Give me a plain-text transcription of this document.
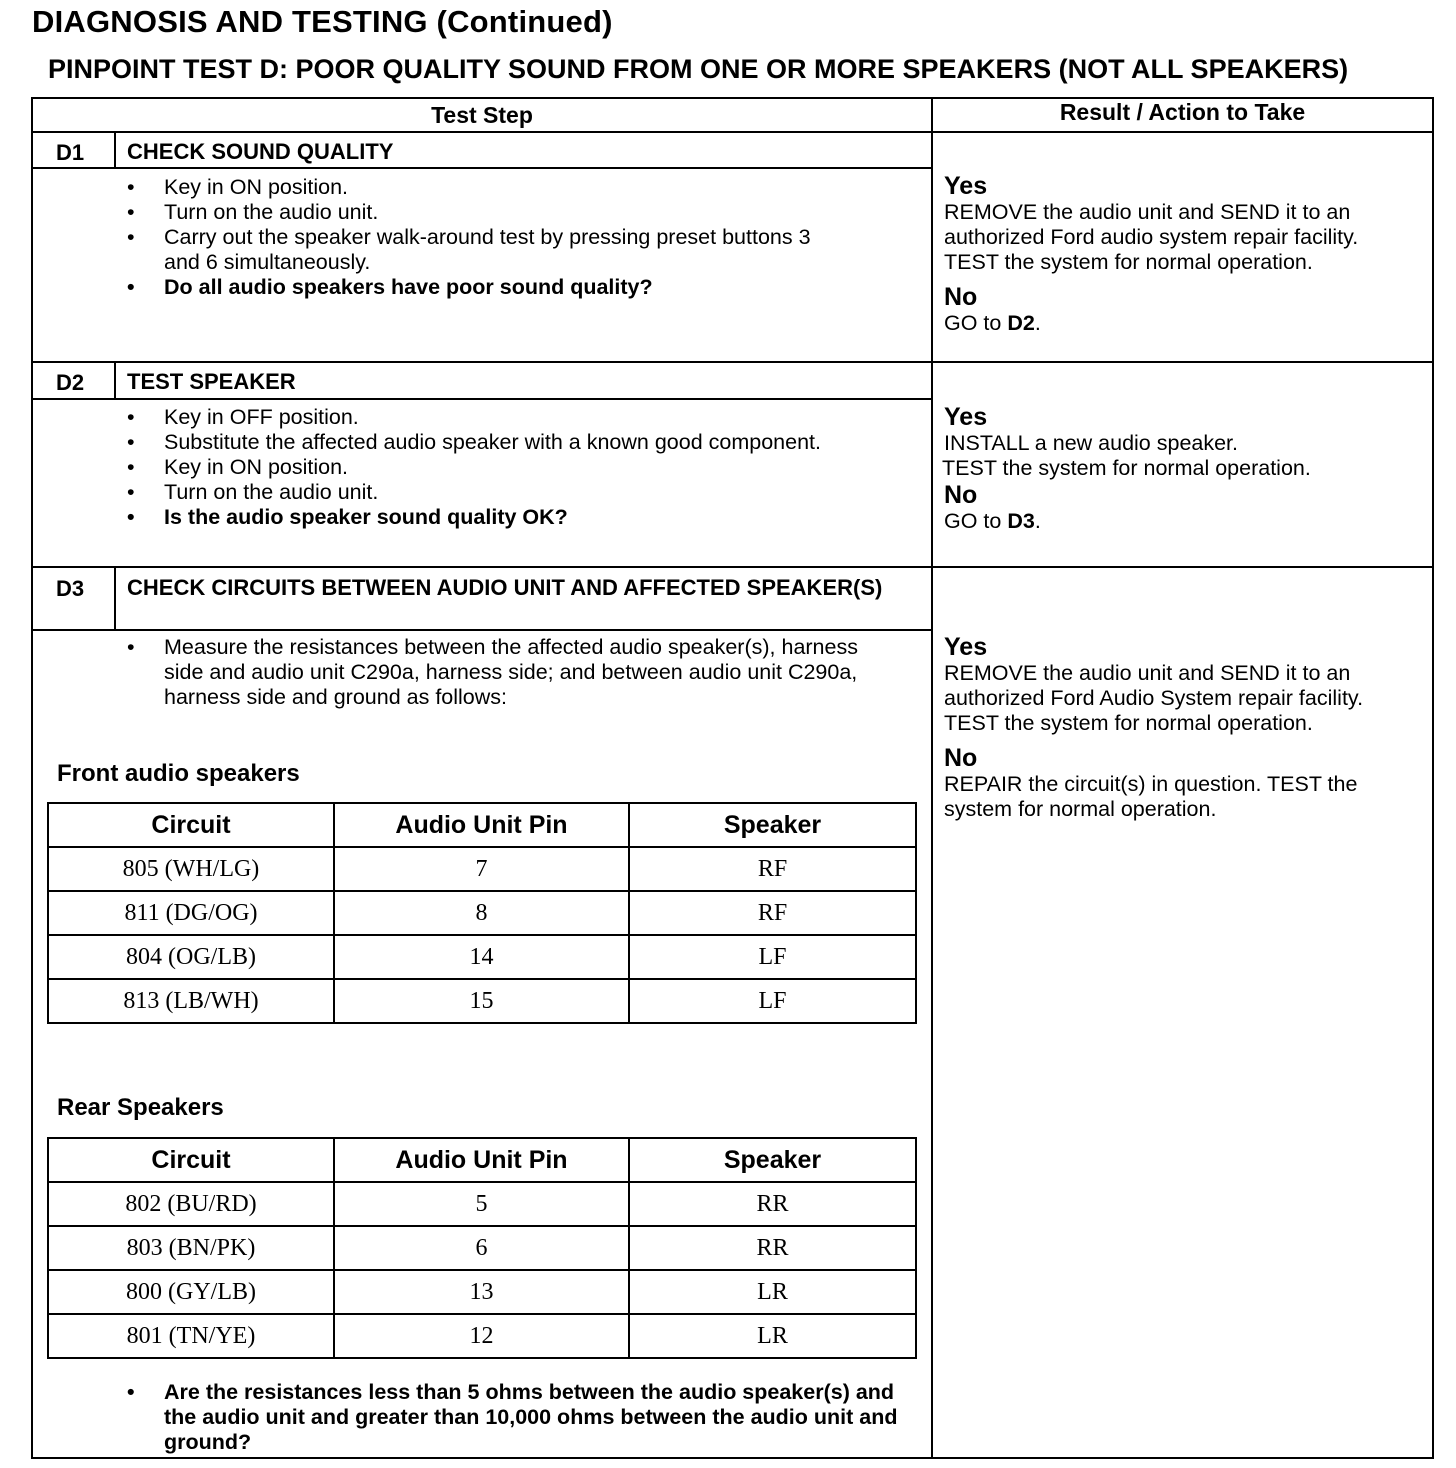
DIAGNOSIS AND TESTING (Continued)
PINPOINT TEST D: POOR QUALITY SOUND FROM ONE OR MORE SPEAKERS (NOT ALL SPEAKERS)
Test Step	Result / Action to Take
D1 CHECK SOUND QUALITY
• Key in ON position.
• Turn on the audio unit.
• Carry out the speaker walk-around test by pressing preset buttons 3 and 6 simultaneously.
• Do all audio speakers have poor sound quality?
Yes

REMOVE the audio unit and SEND it to an authorized Ford audio system repair facility. TEST the system for normal operation.

No

GO to D2.

D2 TEST SPEAKER
• Key in OFF position.
• Substitute the affected audio speaker with a known good component.
• Key in ON position.
• Turn on the audio unit.
• Is the audio speaker sound quality OK?
Yes

INSTALL a new audio speaker.

TEST the system for normal operation.

No

GO to D3.

D3 CHECK CIRCUITS BETWEEN AUDIO UNIT AND AFFECTED SPEAKER(S)
• Measure the resistances between the affected audio speaker(s), harness side and audio unit C290a, harness side; and between audio unit C290a, harness side and ground as follows:
Front audio speakers
Circuit	Audio Unit Pin	Speaker
805 (WH/LG)	7	RF
811 (DG/OG)	8	RF
804 (OG/LB)	14	LF
813 (LB/WH)	15	LF
Rear Speakers
Circuit	Audio Unit Pin	Speaker
802 (BU/RD)	5	RR
803 (BN/PK)	6	RR
800 (GY/LB)	13	LR
801 (TN/YE)	12	LR
• Are the resistances less than 5 ohms between the audio speaker(s) and the audio unit and greater than 10,000 ohms between the audio unit and ground?
Yes

REMOVE the audio unit and SEND it to an authorized Ford Audio System repair facility. TEST the system for normal operation.

No

REPAIR the circuit(s) in question. TEST the system for normal operation.
